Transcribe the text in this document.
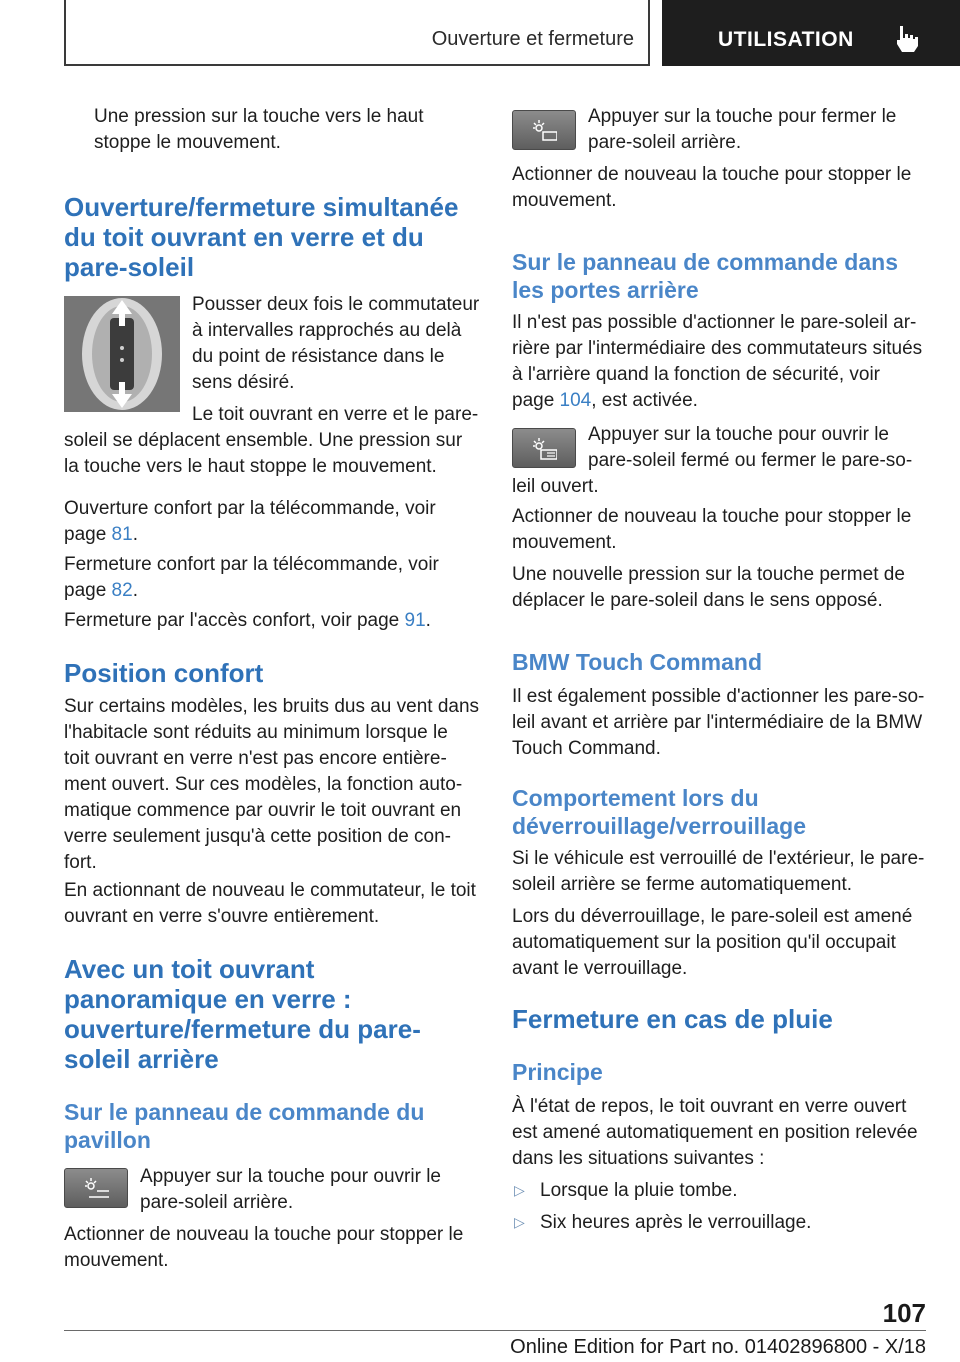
Ouverture et fermeture	UTILISATION
Une pression sur la touche vers le haut
stoppe le mouvement.
Ouverture/fermeture simultanée
du toit ouvrant en verre et du
pare-soleil
Pousser deux fois le commutateur
à intervalles rapprochés au delà
du point de résistance dans le
sens désiré.
Le toit ouvrant en verre et le pare-
soleil se déplacent ensemble. Une pression sur
la touche vers le haut stoppe le mouvement.
Ouverture confort par la télécommande, voir
page 81.
Fermeture confort par la télécommande, voir
page 82.
Fermeture par l'accès confort, voir page 91.
Position confort
Sur certains modèles, les bruits dus au vent dans
l'habitacle sont réduits au minimum lorsque le
toit ouvrant en verre n'est pas encore entière-
ment ouvert. Sur ces modèles, la fonction auto-
matique commence par ouvrir le toit ouvrant en
verre seulement jusqu'à cette position de con-
fort.
En actionnant de nouveau le commutateur, le toit
ouvrant en verre s'ouvre entièrement.
Avec un toit ouvrant
panoramique en verre :
ouverture/fermeture du pare-
soleil arrière
Sur le panneau de commande du
pavillon
Appuyer sur la touche pour ouvrir le
pare-soleil arrière.
Actionner de nouveau la touche pour stopper le
mouvement.
Appuyer sur la touche pour fermer le
pare-soleil arrière.
Actionner de nouveau la touche pour stopper le
mouvement.
Sur le panneau de commande dans
les portes arrière
Il n'est pas possible d'actionner le pare-soleil ar-
rière par l'intermédiaire des commutateurs situés
à l'arrière quand la fonction de sécurité, voir
page 104, est activée.
Appuyer sur la touche pour ouvrir le
pare-soleil fermé ou fermer le pare-so-
leil ouvert.
Actionner de nouveau la touche pour stopper le
mouvement.
Une nouvelle pression sur la touche permet de
déplacer le pare-soleil dans le sens opposé.
BMW Touch Command
Il est également possible d'actionner les pare-so-
leil avant et arrière par l'intermédiaire de la BMW
Touch Command.
Comportement lors du
déverrouillage/verrouillage
Si le véhicule est verrouillé de l'extérieur, le pare-
soleil arrière se ferme automatiquement.
Lors du déverrouillage, le pare-soleil est amené
automatiquement sur la position qu'il occupait
avant le verrouillage.
Fermeture en cas de pluie
Principe
À l'état de repos, le toit ouvrant en verre ouvert
est amené automatiquement en position relevée
dans les situations suivantes :
▷ Lorsque la pluie tombe.
▷ Six heures après le verrouillage.
107
Online Edition for Part no. 01402896800 - X/18
